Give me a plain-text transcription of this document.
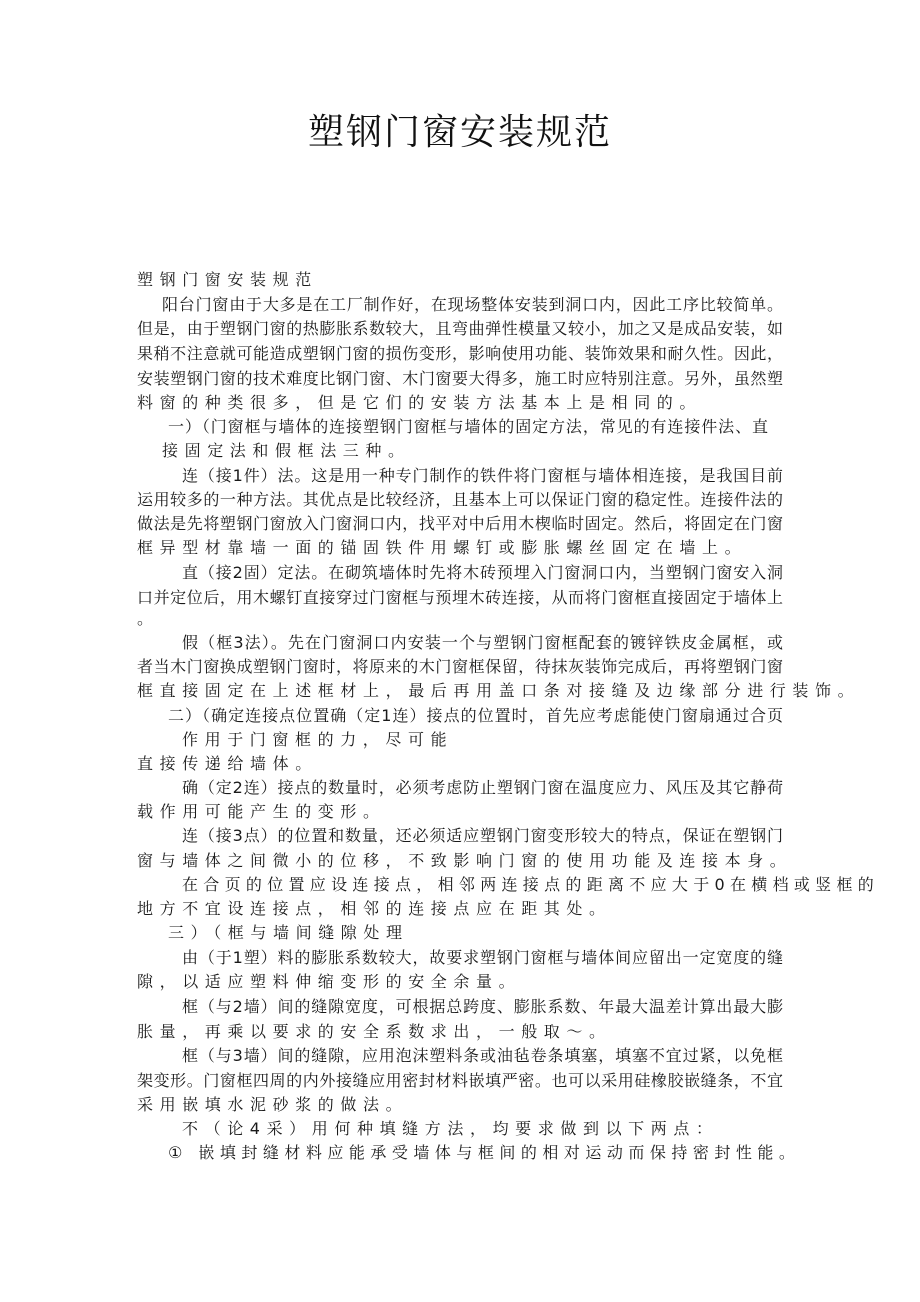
塑钢门窗安装规范
塑钢门窗安装规范
阳台门窗由于大多是在工厂制作好，在现场整体安装到洞口内，因此工序比较简单。
但是，由于塑钢门窗的热膨胀系数较大，且弯曲弹性模量又较小，加之又是成品安装，如
果稍不注意就可能造成塑钢门窗的损伤变形，影响使用功能、装饰效果和耐久性。因此，
安装塑钢门窗的技术难度比钢门窗、木门窗要大得多，施工时应特别注意。另外，虽然塑
料窗的种类很多，但是它们的安装方法基本上是相同的。
一）（门窗框与墙体的连接塑钢门窗框与墙体的固定方法，常见的有连接件法、直
接固定法和假框法三种。
连（接1件）法。这是用一种专门制作的铁件将门窗框与墙体相连接，是我国目前
运用较多的一种方法。其优点是比较经济，且基本上可以保证门窗的稳定性。连接件法的
做法是先将塑钢门窗放入门窗洞口内，找平对中后用木楔临时固定。然后，将固定在门窗
框异型材靠墙一面的锚固铁件用螺钉或膨胀螺丝固定在墙上。
直（接2固）定法。在砌筑墙体时先将木砖预埋入门窗洞口内，当塑钢门窗安入洞
口并定位后，用木螺钉直接穿过门窗框与预埋木砖连接，从而将门窗框直接固定于墙体上
。
假（框3法）。先在门窗洞口内安装一个与塑钢门窗框配套的镀锌铁皮金属框，或
者当木门窗换成塑钢门窗时，将原来的木门窗框保留，待抹灰装饰完成后，再将塑钢门窗
框直接固定在上述框材上，最后再用盖口条对接缝及边缘部分进行装饰。
二）（确定连接点位置确（定1连）接点的位置时，首先应考虑能使门窗扇通过合页
作用于门窗框的力，尽可能
直接传递给墙体。
确（定2连）接点的数量时，必须考虑防止塑钢门窗在温度应力、风压及其它静荷
载作用可能产生的变形。
连（接3点）的位置和数量，还必须适应塑钢门窗变形较大的特点，保证在塑钢门
窗与墙体之间微小的位移，不致影响门窗的使用功能及连接本身。
在合页的位置应设连接点，相邻两连接点的距离不应大于0在横档或竖框的
地方不宜设连接点，相邻的连接点应在距其处。
三）（框与墙间缝隙处理
由（于1塑）料的膨胀系数较大，故要求塑钢门窗框与墙体间应留出一定宽度的缝
隙，以适应塑料伸缩变形的安全余量。
框（与2墙）间的缝隙宽度，可根据总跨度、膨胀系数、年最大温差计算出最大膨
胀量，再乘以要求的安全系数求出，一般取～。
框（与3墙）间的缝隙，应用泡沫塑料条或油毡卷条填塞，填塞不宜过紧，以免框
架变形。门窗框四周的内外接缝应用密封材料嵌填严密。也可以采用硅橡胶嵌缝条，不宜
采用嵌填水泥砂浆的做法。
不（论4采）用何种填缝方法，均要求做到以下两点：
① 嵌填封缝材料应能承受墙体与框间的相对运动而保持密封性能。
